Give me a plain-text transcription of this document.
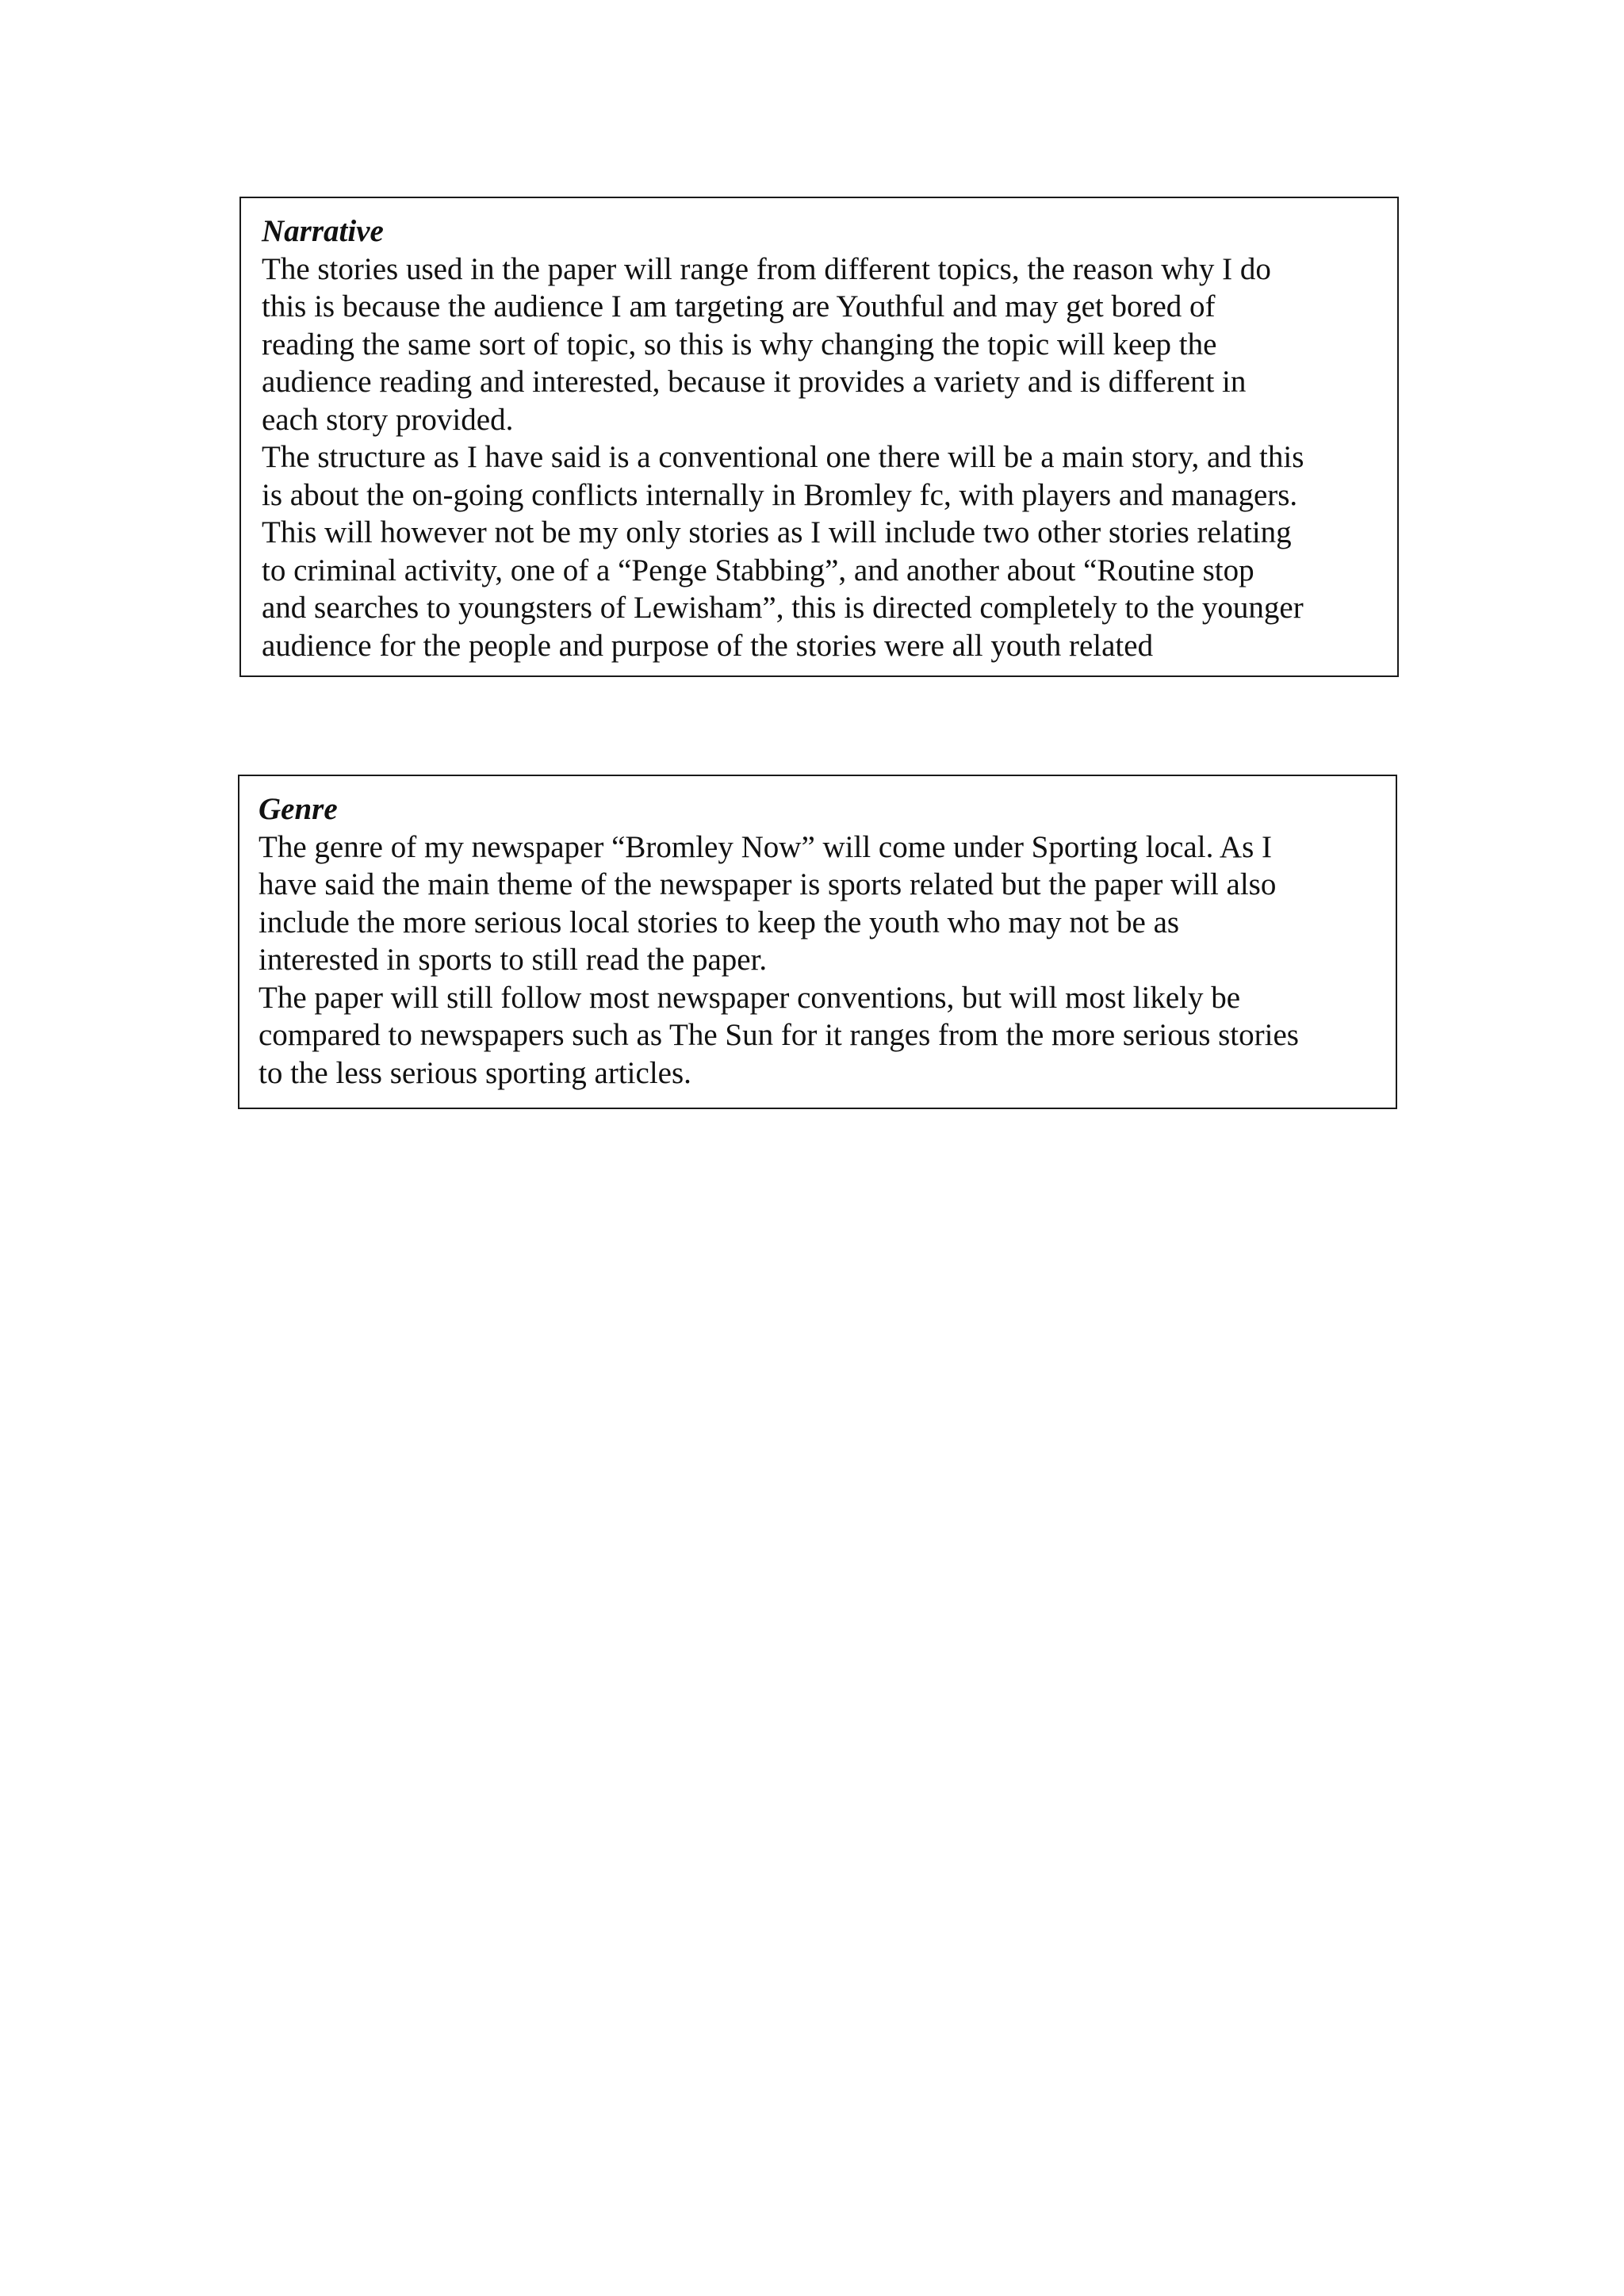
Narrative

The stories used in the paper will range from different topics, the reason why I do

this is because the audience I am targeting are Youthful and may get bored of

reading the same sort of topic, so this is why changing the topic will keep the

audience reading and interested, because it provides a variety and is different in

each story provided.

The structure as I have said is a conventional one there will be a main story, and this

is about the on-going conflicts internally in Bromley fc, with players and managers.

This will however not be my only stories as I will include two other stories relating

to criminal activity, one of a “Penge Stabbing”, and another about “Routine stop

and searches to youngsters of Lewisham”, this is directed completely to the younger

audience for the people and purpose of the stories were all youth related

Genre

The genre of my newspaper “Bromley Now” will come under Sporting local. As I

have said the main theme of the newspaper is sports related but the paper will also

include the more serious local stories to keep the youth who may not be as

interested in sports to still read the paper.

The paper will still follow most newspaper conventions, but will most likely be

compared to newspapers such as The Sun for it ranges from the more serious stories

to the less serious sporting articles.
